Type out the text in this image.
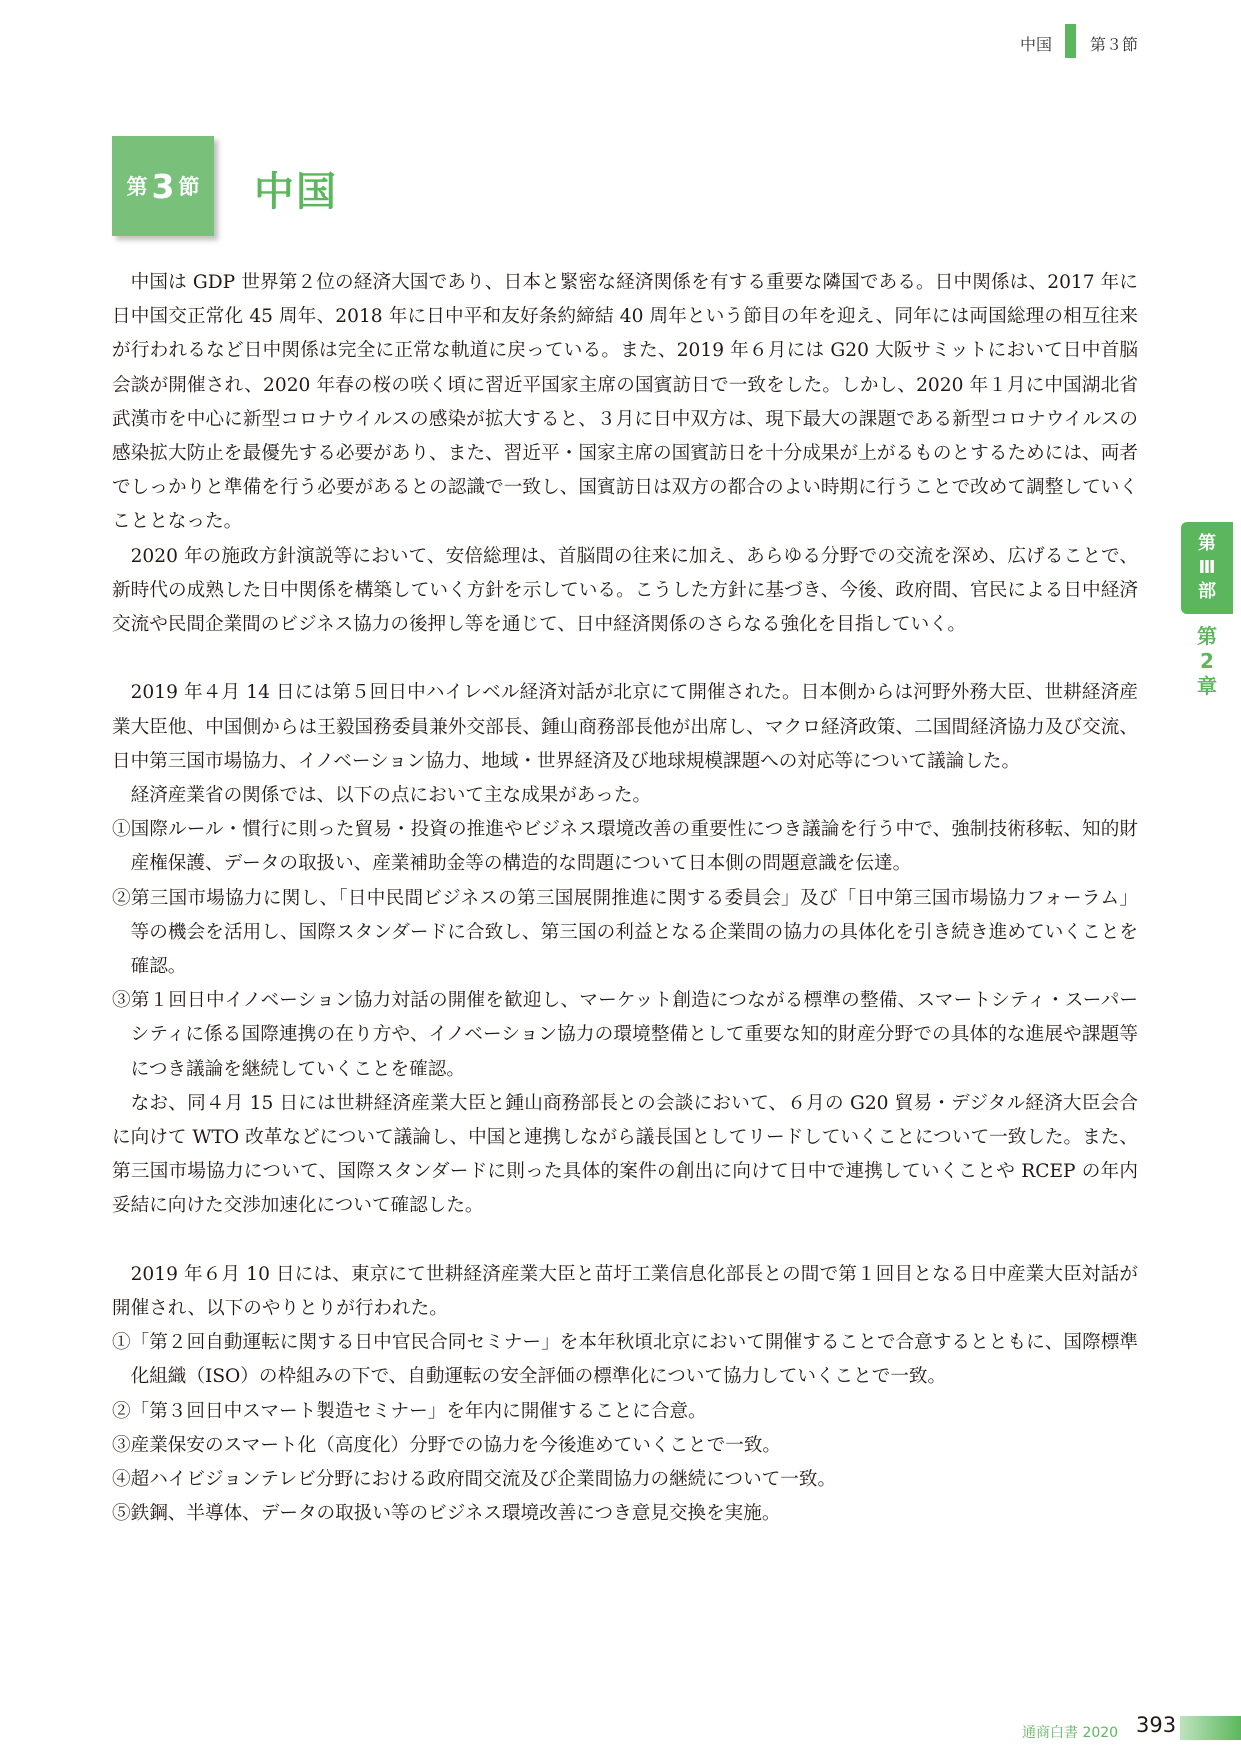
中国 第３節
第 3 節 中国

中国は GDP 世界第２位の経済大国であり、日本と緊密な経済関係を有する重要な隣国である。日中関係は、2017 年に日中国交正常化 45 周年、2018 年に日中平和友好条約締結 40 周年という節目の年を迎え、同年には両国総理の相互往来が行われるなど日中関係は完全に正常な軌道に戻っている。また、2019 年６月には G20 大阪サミットにおいて日中首脳会談が開催され、2020 年春の桜の咲く頃に習近平国家主席の国賓訪日で一致をした。しかし、2020 年１月に中国湖北省武漢市を中心に新型コロナウイルスの感染が拡大すると、３月に日中双方は、現下最大の課題である新型コロナウイルスの感染拡大防止を最優先する必要があり、また、習近平・国家主席の国賓訪日を十分成果が上がるものとするためには、両者でしっかりと準備を行う必要があるとの認識で一致し、国賓訪日は双方の都合のよい時期に行うことで改めて調整していくこととなった。

2020 年の施政方針演説等において、安倍総理は、首脳間の往来に加え、あらゆる分野での交流を深め、広げることで、新時代の成熟した日中関係を構築していく方針を示している。こうした方針に基づき、今後、政府間、官民による日中経済交流や民間企業間のビジネス協力の後押し等を通じて、日中経済関係のさらなる強化を目指していく。

2019 年４月 14 日には第５回日中ハイレベル経済対話が北京にて開催された。日本側からは河野外務大臣、世耕経済産業大臣他、中国側からは王毅国務委員兼外交部長、鍾山商務部長他が出席し、マクロ経済政策、二国間経済協力及び交流、日中第三国市場協力、イノベーション協力、地域・世界経済及び地球規模課題への対応等について議論した。

経済産業省の関係では、以下の点において主な成果があった。

①国際ルール・慣行に則った貿易・投資の推進やビジネス環境改善の重要性につき議論を行う中で、強制技術移転、知的財産権保護、データの取扱い、産業補助金等の構造的な問題について日本側の問題意識を伝達。
②第三国市場協力に関し、「日中民間ビジネスの第三国展開推進に関する委員会」及び「日中第三国市場協力フォーラム」等の機会を活用し、国際スタンダードに合致し、第三国の利益となる企業間の協力の具体化を引き続き進めていくことを確認。
③第１回日中イノベーション協力対話の開催を歓迎し、マーケット創造につながる標準の整備、スマートシティ・スーパーシティに係る国際連携の在り方や、イノベーション協力の環境整備として重要な知的財産分野での具体的な進展や課題等につき議論を継続していくことを確認。

なお、同４月 15 日には世耕経済産業大臣と鍾山商務部長との会談において、６月の G20 貿易・デジタル経済大臣会合に向けて WTO 改革などについて議論し、中国と連携しながら議長国としてリードしていくことについて一致した。また、第三国市場協力について、国際スタンダードに則った具体的案件の創出に向けて日中で連携していくことや RCEP の年内妥結に向けた交渉加速化について確認した。

2019 年６月 10 日には、東京にて世耕経済産業大臣と苗圩工業信息化部長との間で第１回目となる日中産業大臣対話が開催され、以下のやりとりが行われた。

①「第２回自動運転に関する日中官民合同セミナー」を本年秋頃北京において開催することで合意するとともに、国際標準化組織（ISO）の枠組みの下で、自動運転の安全評価の標準化について協力していくことで一致。
②「第３回日中スマート製造セミナー」を年内に開催することに合意。
③産業保安のスマート化（高度化）分野での協力を今後進めていくことで一致。
④超ハイビジョンテレビ分野における政府間交流及び企業間協力の継続について一致。
⑤鉄鋼、半導体、データの取扱い等のビジネス環境改善につき意見交換を実施。
第
Ⅲ
部
第
2
章
通商白書 2020 393
